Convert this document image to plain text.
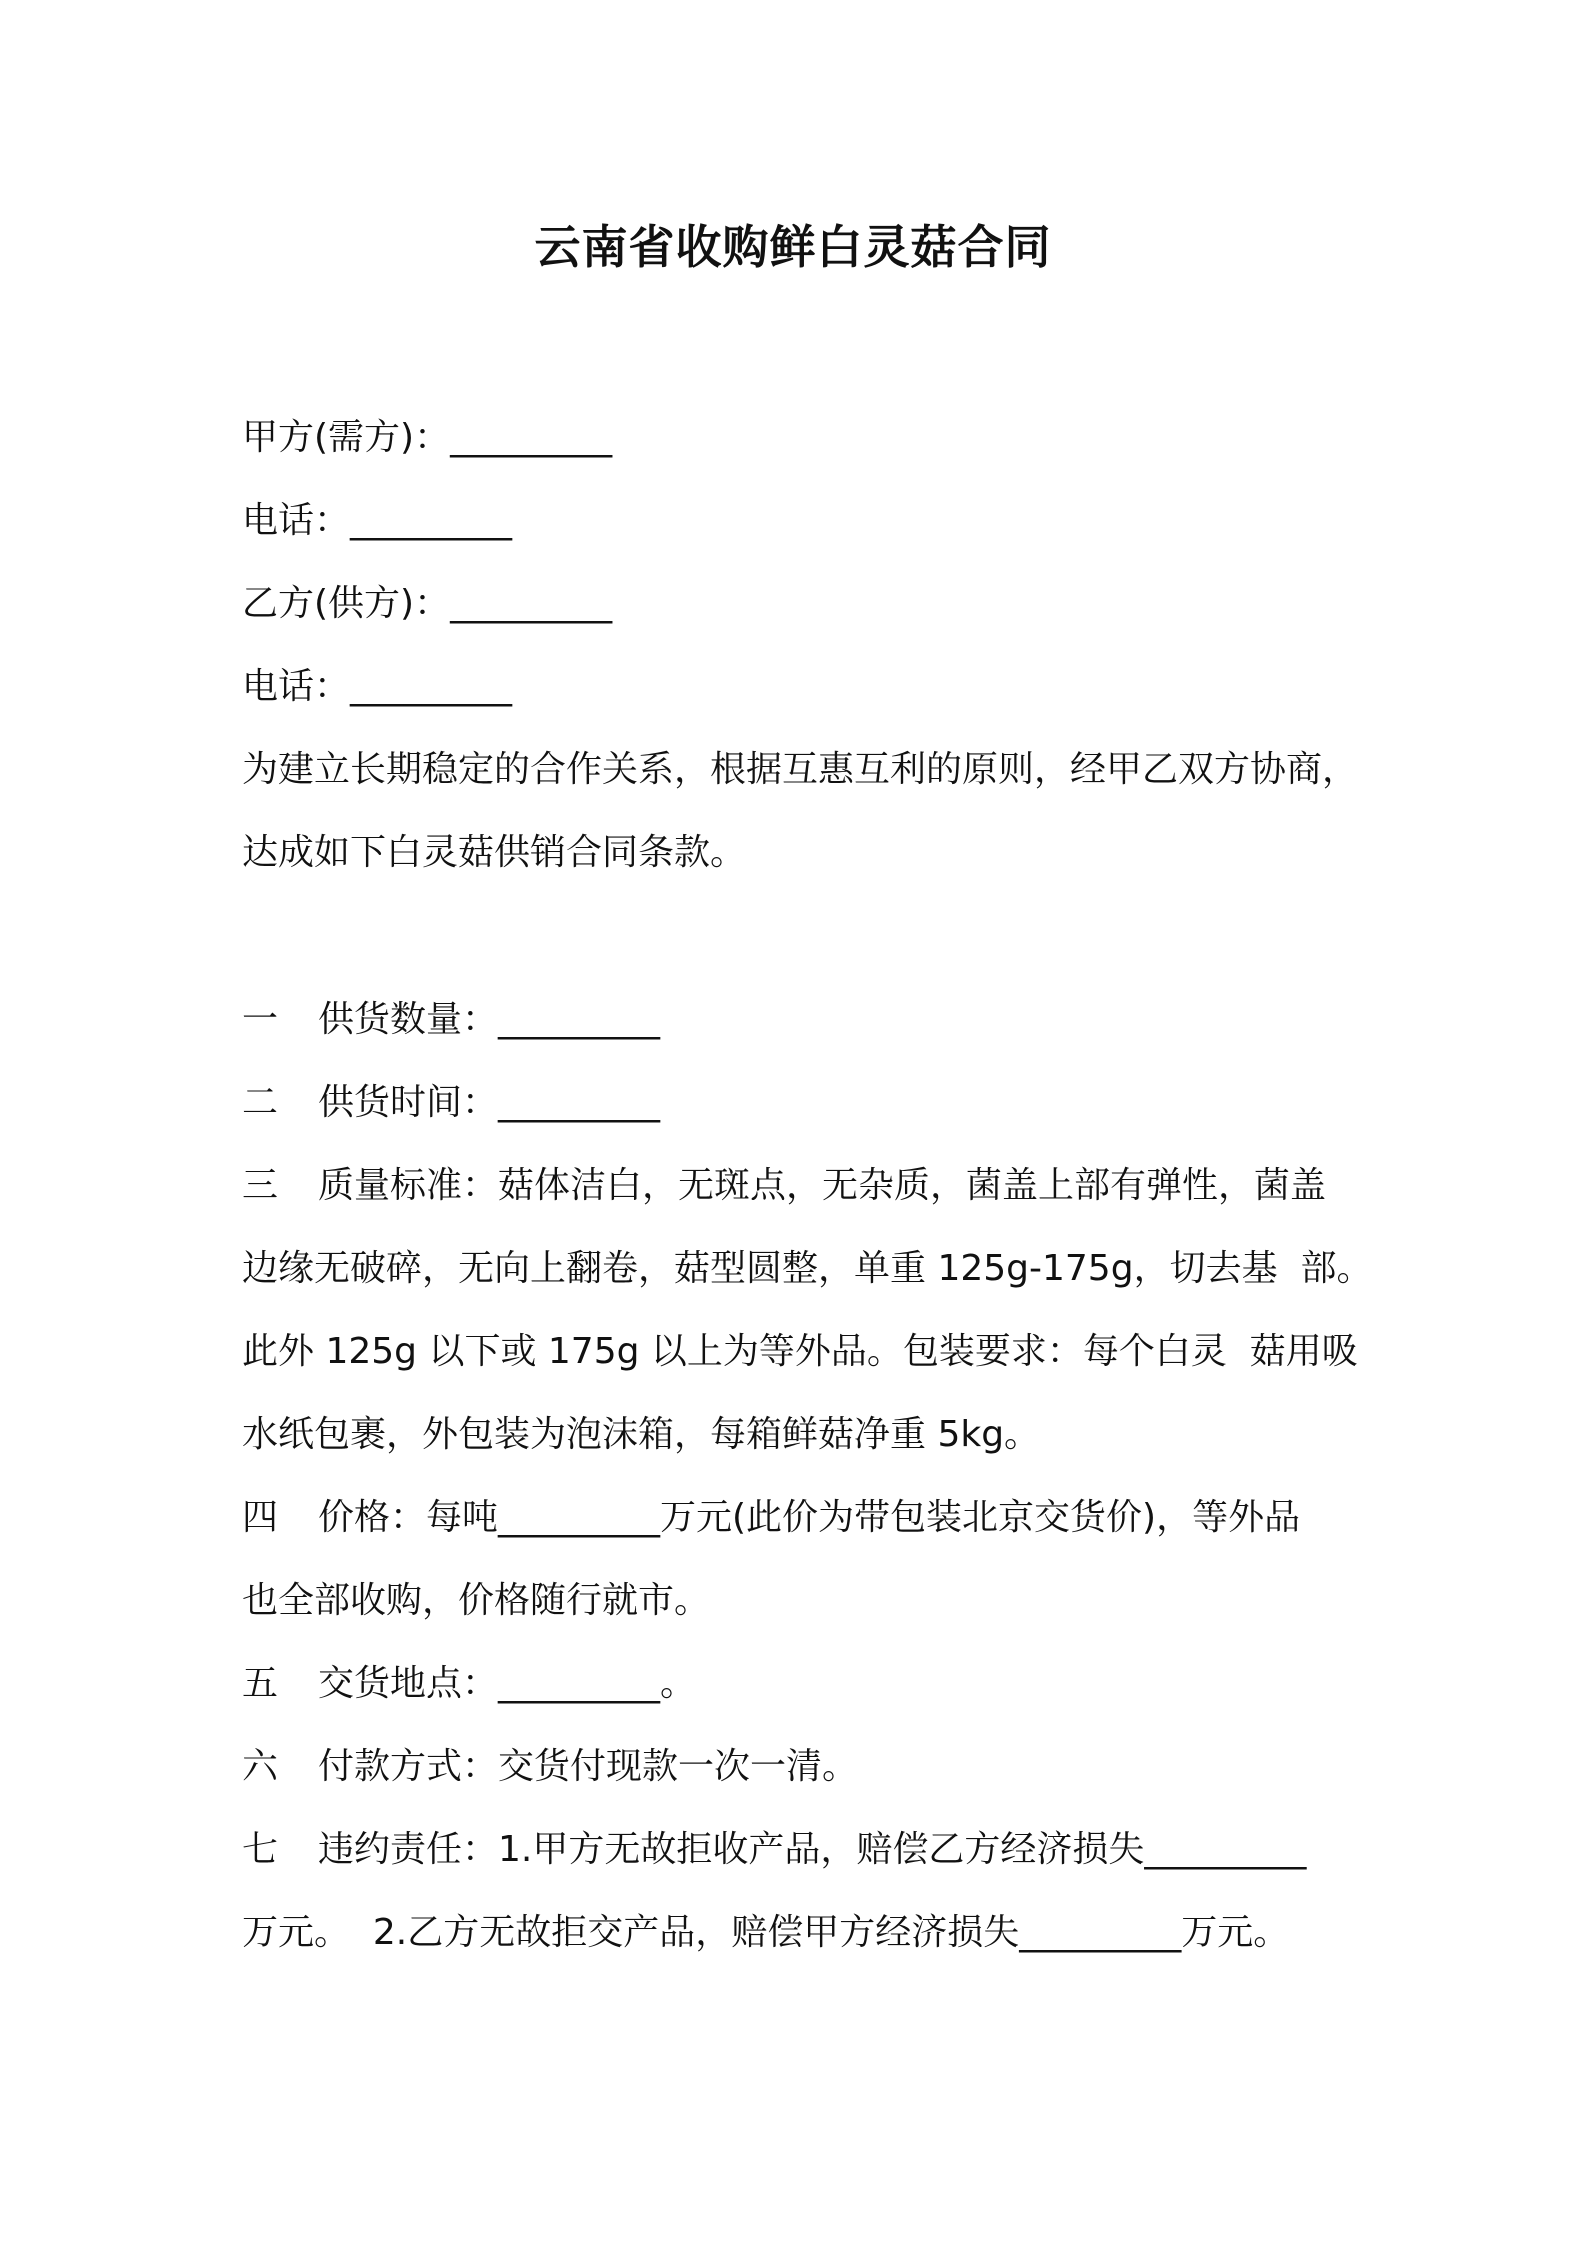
云南省收购鲜白灵菇合同
甲方(需方)：_________
电话：_________
乙方(供方)：_________
电话：_________
为建立长期稳定的合作关系，根据互惠互利的原则，经甲乙双方协商，
达成如下白灵菇供销合同条款。
一 供货数量：_________
二 供货时间：_________
三 质量标准：菇体洁白，无斑点，无杂质，菌盖上部有弹性，菌盖
边缘无破碎，无向上翻卷，菇型圆整，单重 125g-175g，切去基  部。
此外 125g 以下或 175g 以上为等外品。包装要求：每个白灵  菇用吸
水纸包裹，外包装为泡沫箱，每箱鲜菇净重 5kg。
四 价格：每吨_________万元(此价为带包装北京交货价)，等外品
也全部收购，价格随行就市。
五 交货地点：_________。
六 付款方式：交货付现款一次一清。
七 违约责任：1.甲方无故拒收产品，赔偿乙方经济损失_________
万元。  2.乙方无故拒交产品，赔偿甲方经济损失_________万元。
